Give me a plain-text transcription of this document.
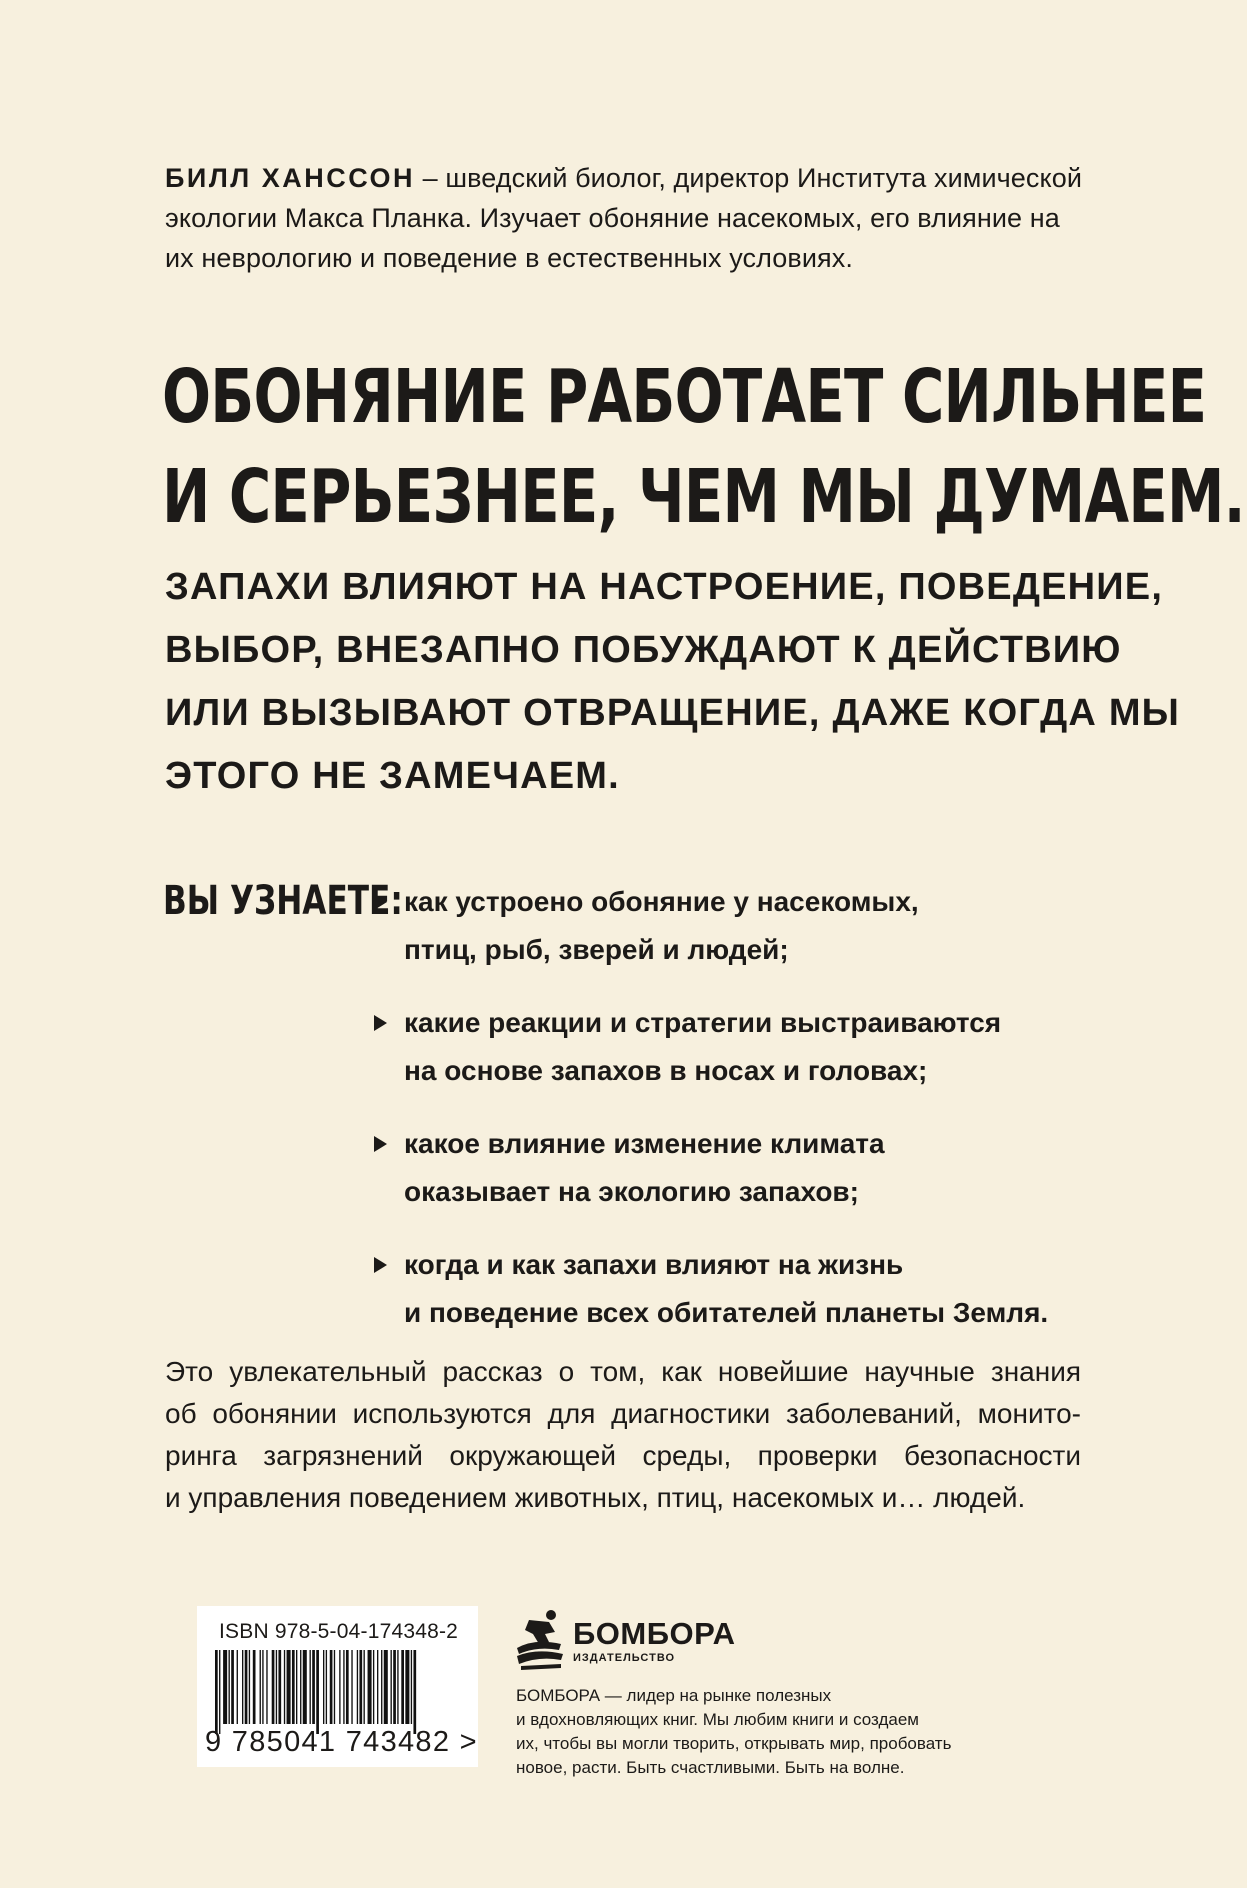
БИЛЛ ХАНССОН – шведский биолог, директор Института химической экологии Макса Планка. Изучает обоняние насекомых, его влияние на их неврологию и поведение в естественных условиях.
ОБОНЯНИЕ РАБОТАЕТ СИЛЬНЕЕ
И СЕРЬЕЗНЕЕ, ЧЕМ МЫ ДУМАЕМ.
ЗАПАХИ ВЛИЯЮТ НА НАСТРОЕНИЕ, ПОВЕДЕНИЕ,
ВЫБОР, ВНЕЗАПНО ПОБУЖДАЮТ К ДЕЙСТВИЮ
ИЛИ ВЫЗЫВАЮТ ОТВРАЩЕНИЕ, ДАЖЕ КОГДА МЫ
ЭТОГО НЕ ЗАМЕЧАЕМ.
ВЫ УЗНАЕТЕ: как устроено обоняние у насекомых,
птиц, рыб, зверей и людей;
какие реакции и стратегии выстраиваются
на основе запахов в носах и головах;
какое влияние изменение климата
оказывает на экологию запахов;
когда и как запахи влияют на жизнь
и поведение всех обитателей планеты Земля.
Это увлекательный рассказ о том, как новейшие научные знания
об обонянии используются для диагностики заболеваний, монито-
ринга загрязнений окружающей среды, проверки безопасности
и управления поведением животных, птиц, насекомых и… людей.
ISBN 978-5-04-174348-2
9 785041 743482 >
БОМБОРА
ИЗДАТЕЛЬСТВО
БОМБОРА — лидер на рынке полезных
и вдохновляющих книг. Мы любим книги и создаем
их, чтобы вы могли творить, открывать мир, пробовать
новое, расти. Быть счастливыми. Быть на волне.
